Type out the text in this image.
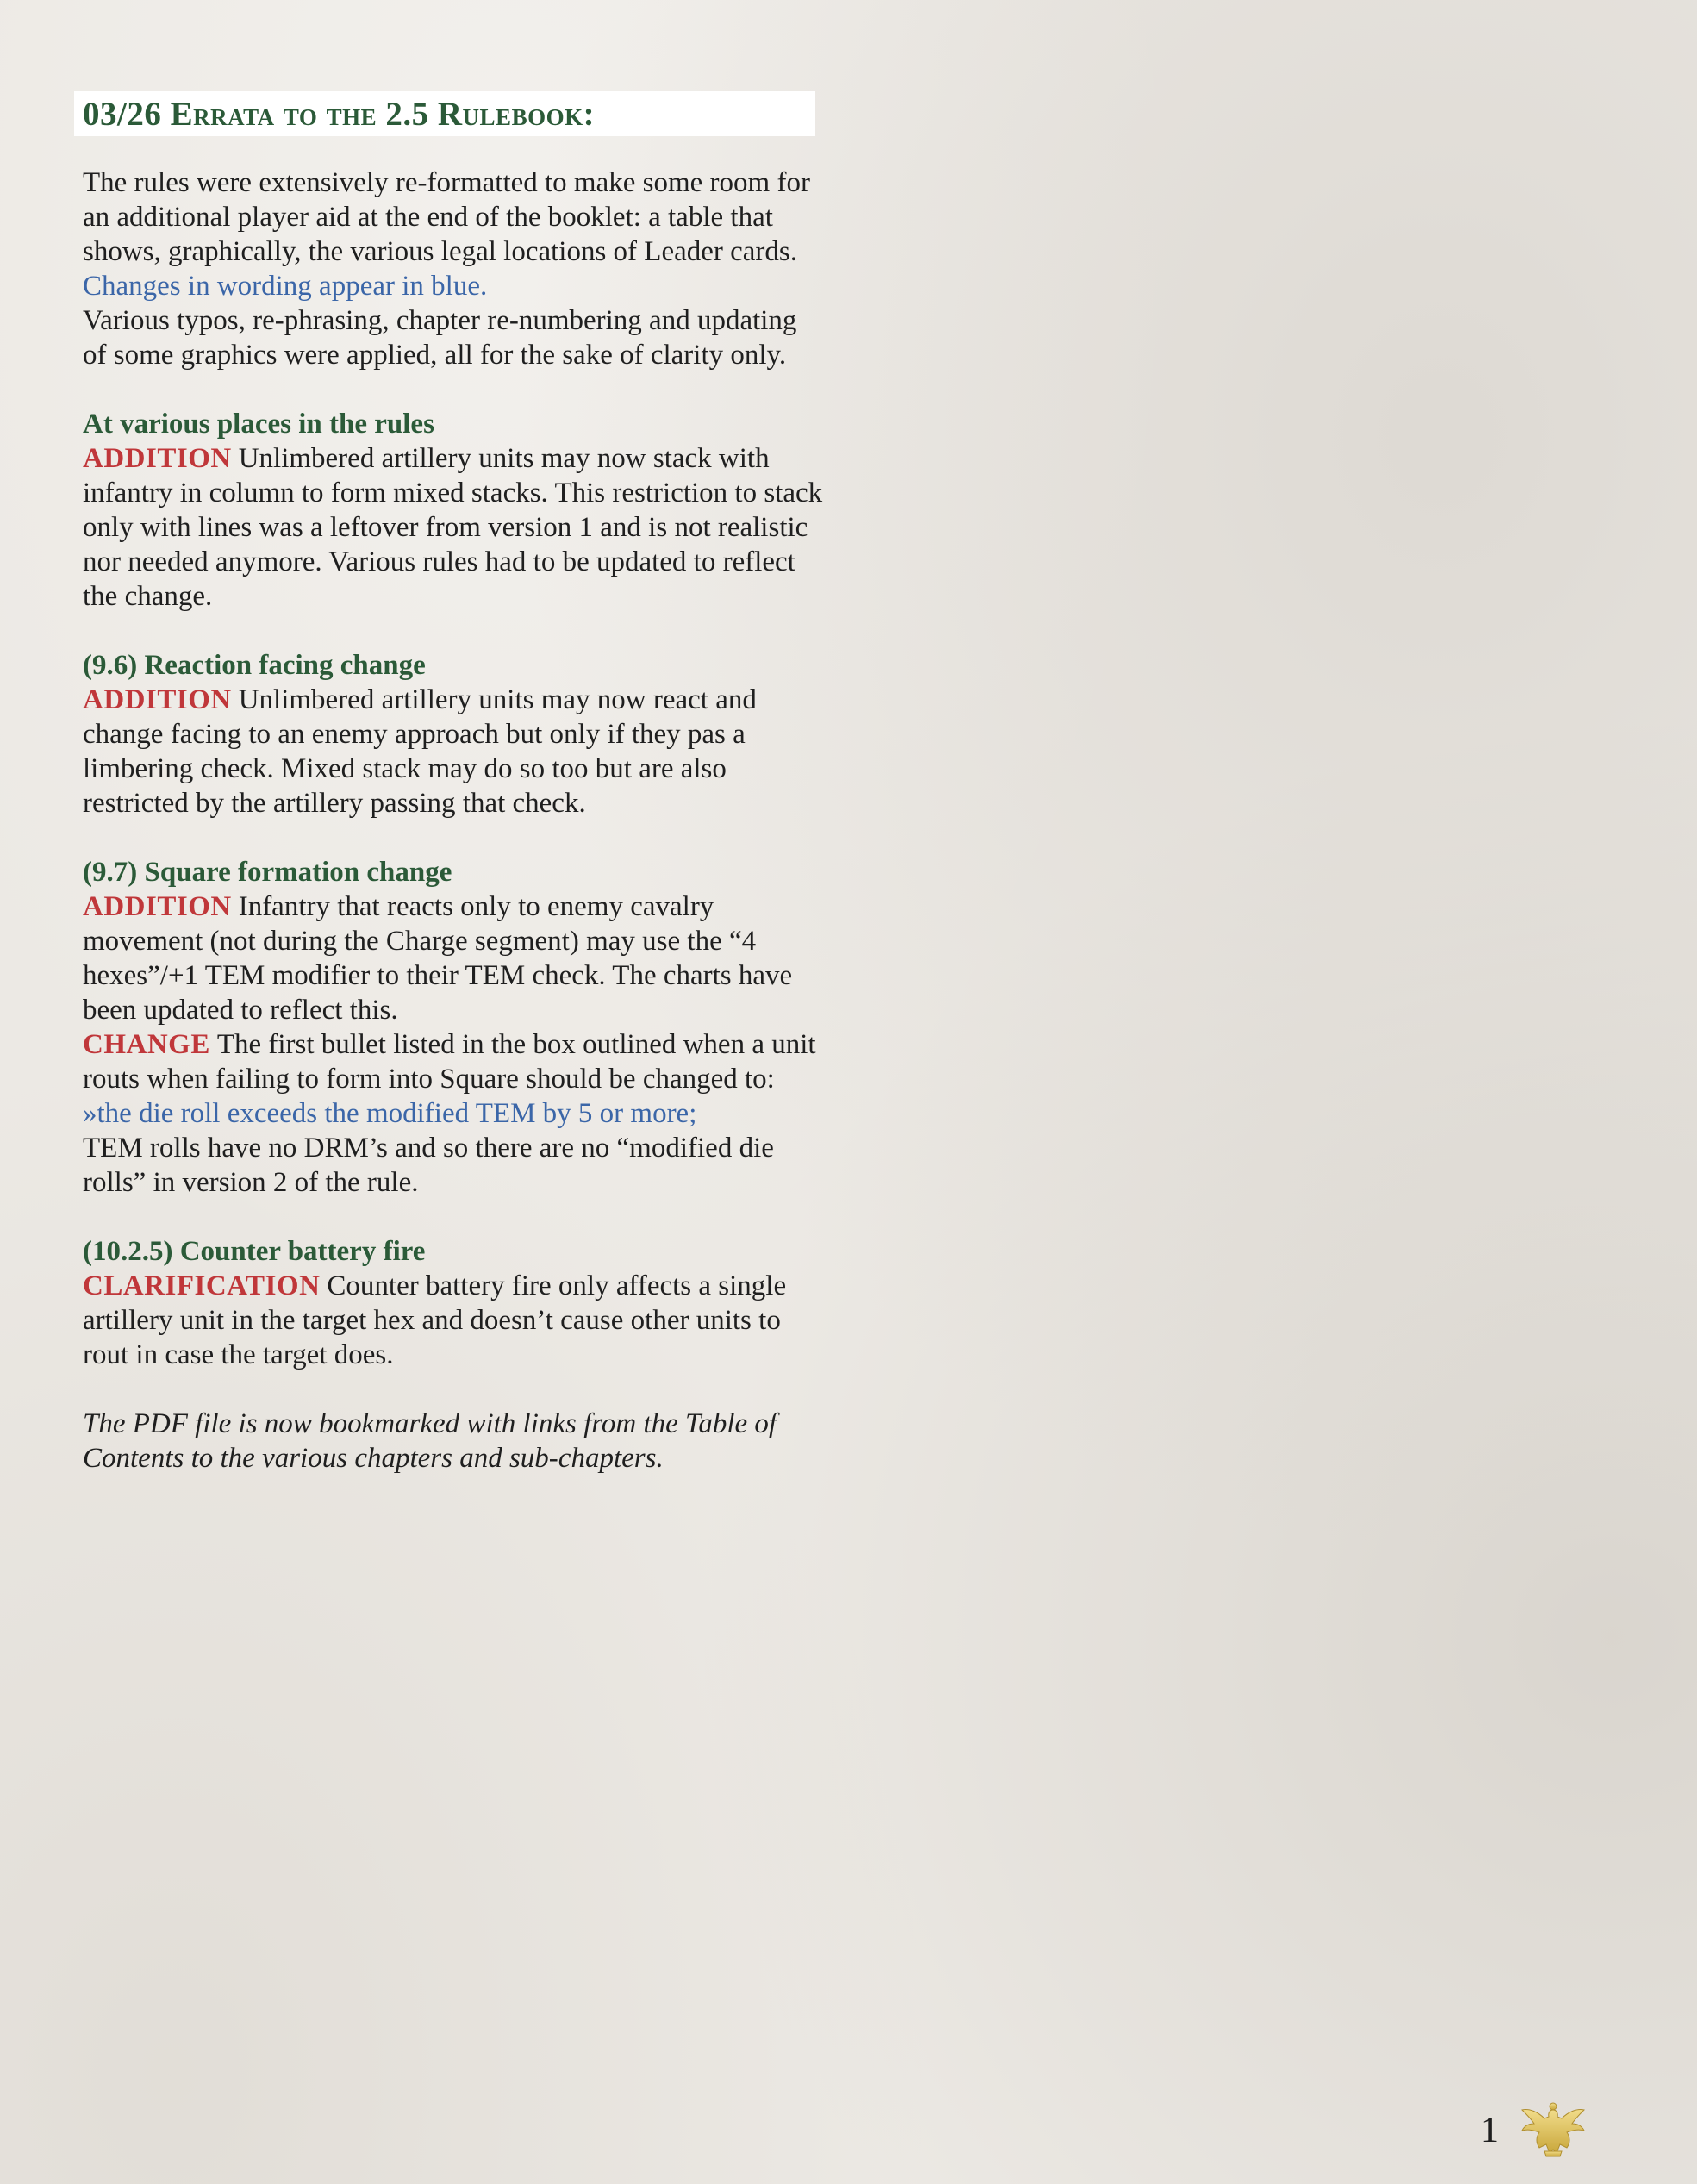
03/26 Errata to the 2.5 Rulebook:

The rules were extensively re-formatted to make some room for an additional player aid at the end of the booklet: a table that shows, graphically, the various legal locations of Leader cards.

Changes in wording appear in blue.

Various typos, re-phrasing, chapter re-numbering and updating of some graphics were applied, all for the sake of clarity only.

At various places in the rules

ADDITION Unlimbered artillery units may now stack with infantry in column to form mixed stacks. This restriction to stack only with lines was a leftover from version 1 and is not realistic nor needed anymore. Various rules had to be updated to reflect the change.

(9.6) Reaction facing change

ADDITION Unlimbered artillery units may now react and change facing to an enemy approach but only if they pas a limbering check. Mixed stack may do so too but are also restricted by the artillery passing that check.

(9.7) Square formation change

ADDITION Infantry that reacts only to enemy cavalry movement (not during the Charge segment) may use the “4 hexes”/+1 TEM modifier to their TEM check. The charts have been updated to reflect this.

CHANGE The first bullet listed in the box outlined when a unit routs when failing to form into Square should be changed to:

»the die roll exceeds the modified TEM by 5 or more;

TEM rolls have no DRM’s and so there are no “modified die rolls” in version 2 of the rule.

(10.2.5) Counter battery fire

CLARIFICATION Counter battery fire only affects a single artillery unit in the target hex and doesn’t cause other units to rout in case the target does.

The PDF file is now bookmarked with links from the Table of Contents to the various chapters and sub-chapters.

1
